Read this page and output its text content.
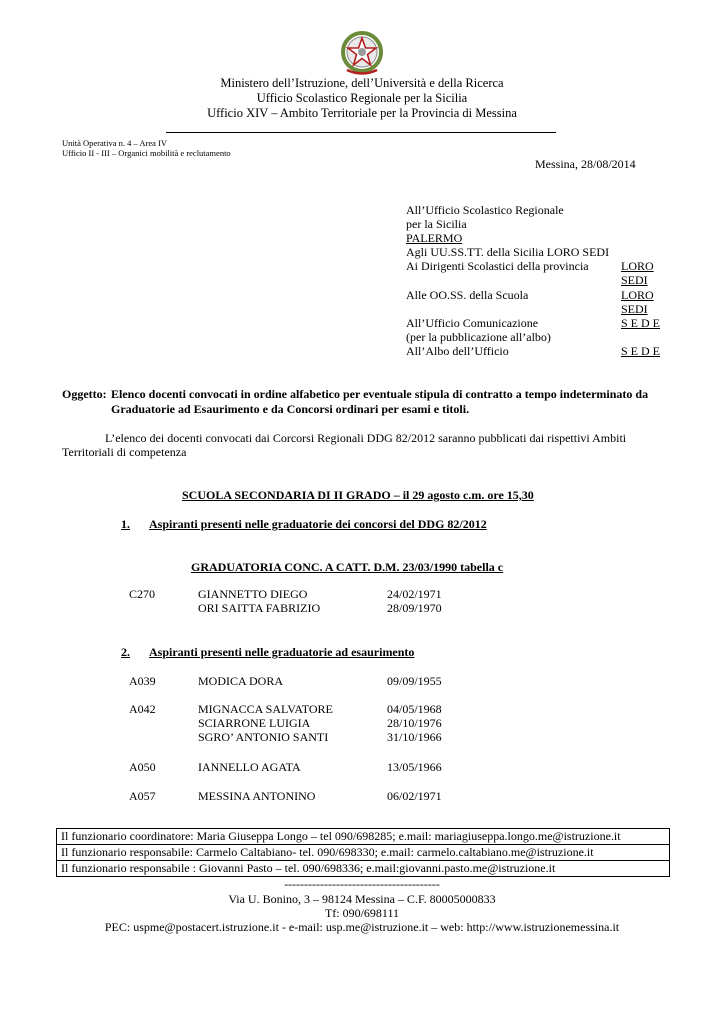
Ministero dell’Istruzione, dell’Università e della Ricerca
Ufficio Scolastico Regionale per la Sicilia
Ufficio XIV – Ambito Territoriale per la Provincia di Messina
Unità Operativa n. 4 – Area IV
Ufficio II - III – Organici mobilità e reclutamento
Messina, 28/08/2014
All’Ufficio Scolastico Regionale
per la Sicilia
PALERMO
Agli UU.SS.TT. della Sicilia LORO SEDI
Ai Dirigenti Scolastici della provincia	LORO
SEDI
Alle OO.SS. della Scuola	LORO
SEDI
All’Ufficio Comunicazione	S E D E
(per la pubblicazione all’albo)
All’Albo dell’Ufficio	S E D E
Oggetto: Elenco docenti convocati in ordine alfabetico per eventuale stipula di contratto a tempo indeterminato da
Graduatorie ad Esaurimento e da Concorsi ordinari per esami e titoli.
L’elenco dei docenti convocati dai Corcorsi Regionali DDG 82/2012 saranno pubblicati dai rispettivi Ambiti
Territoriali di competenza
SCUOLA SECONDARIA DI II GRADO – il 29 agosto c.m. ore 15,30
1. Aspiranti presenti nelle graduatorie dei concorsi del DDG 82/2012
GRADUATORIA CONC. A CATT. D.M. 23/03/1990 tabella c
C270	GIANNETTO DIEGO	24/02/1971
ORI SAITTA FABRIZIO	28/09/1970
2. Aspiranti presenti nelle graduatorie ad esaurimento
A039	MODICA DORA	09/09/1955
A042	MIGNACCA SALVATORE	04/05/1968
SCIARRONE LUIGIA	28/10/1976
SGRO’ ANTONIO SANTI	31/10/1966
A050	IANNELLO AGATA	13/05/1966
A057	MESSINA ANTONINO	06/02/1971
Il funzionario coordinatore: Maria Giuseppa Longo – tel 090/698285; e.mail: mariagiuseppa.longo.me@istruzione.it
Il funzionario responsabile: Carmelo Caltabiano- tel. 090/698330; e.mail: carmelo.caltabiano.me@istruzione.it
Il funzionario responsabile : Giovanni Pasto – tel. 090/698336; e.mail:giovanni.pasto.me@istruzione.it
---------------------------------------
Via U. Bonino, 3 – 98124 Messina – C.F. 80005000833
Tf: 090/698111
PEC: uspme@postacert.istruzione.it - e-mail: usp.me@istruzione.it – web: http://www.istruzionemessina.it
